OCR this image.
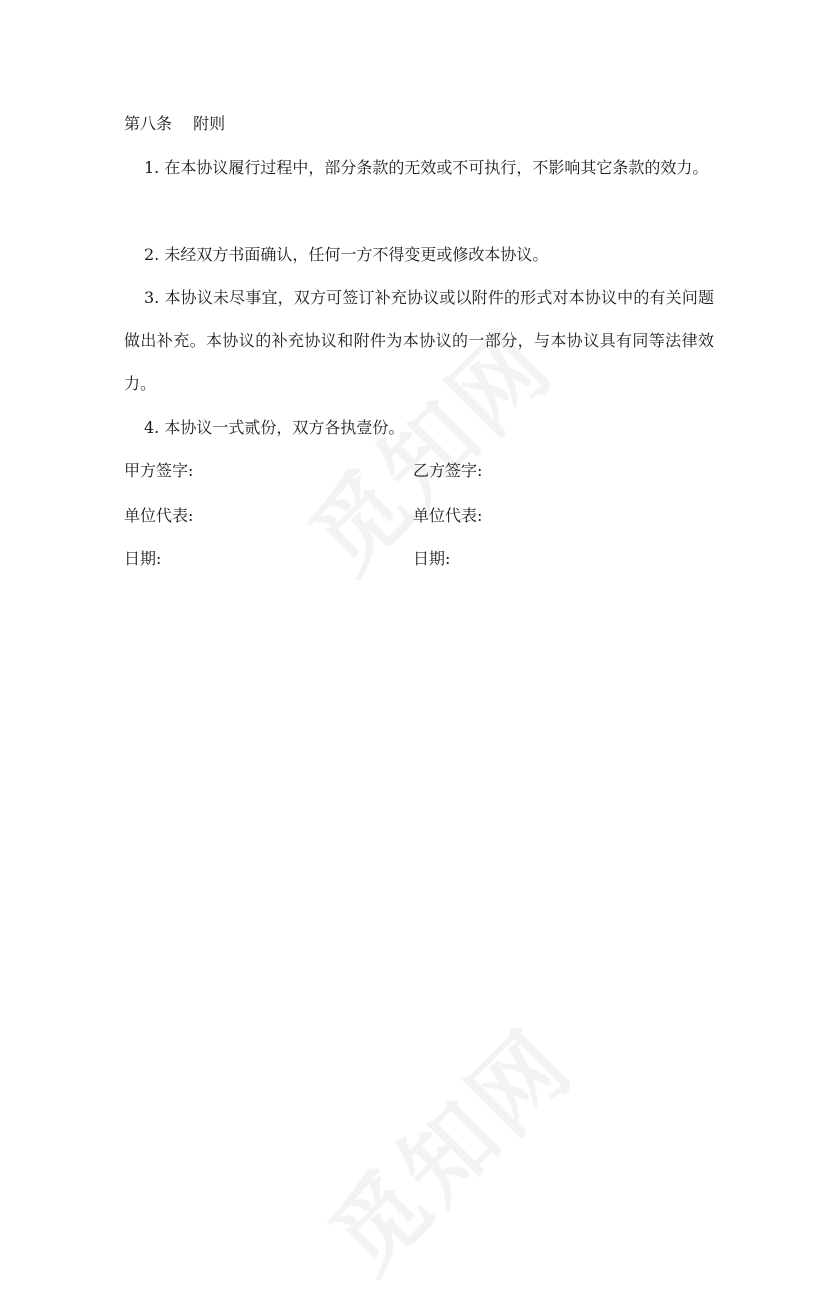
第八条　 附则
1. 在本协议履行过程中，部分条款的无效或不可执行，不影响其它条款的效力。
2. 未经双方书面确认，任何一方不得变更或修改本协议。
3. 本协议未尽事宜，双方可签订补充协议或以附件的形式对本协议中的有关问题做出补充。本协议的补充协议和附件为本协议的一部分，与本协议具有同等法律效力。
4. 本协议一式贰份，双方各执壹份。
甲方签字:	乙方签字:
单位代表:	单位代表:
日期:	日期:
